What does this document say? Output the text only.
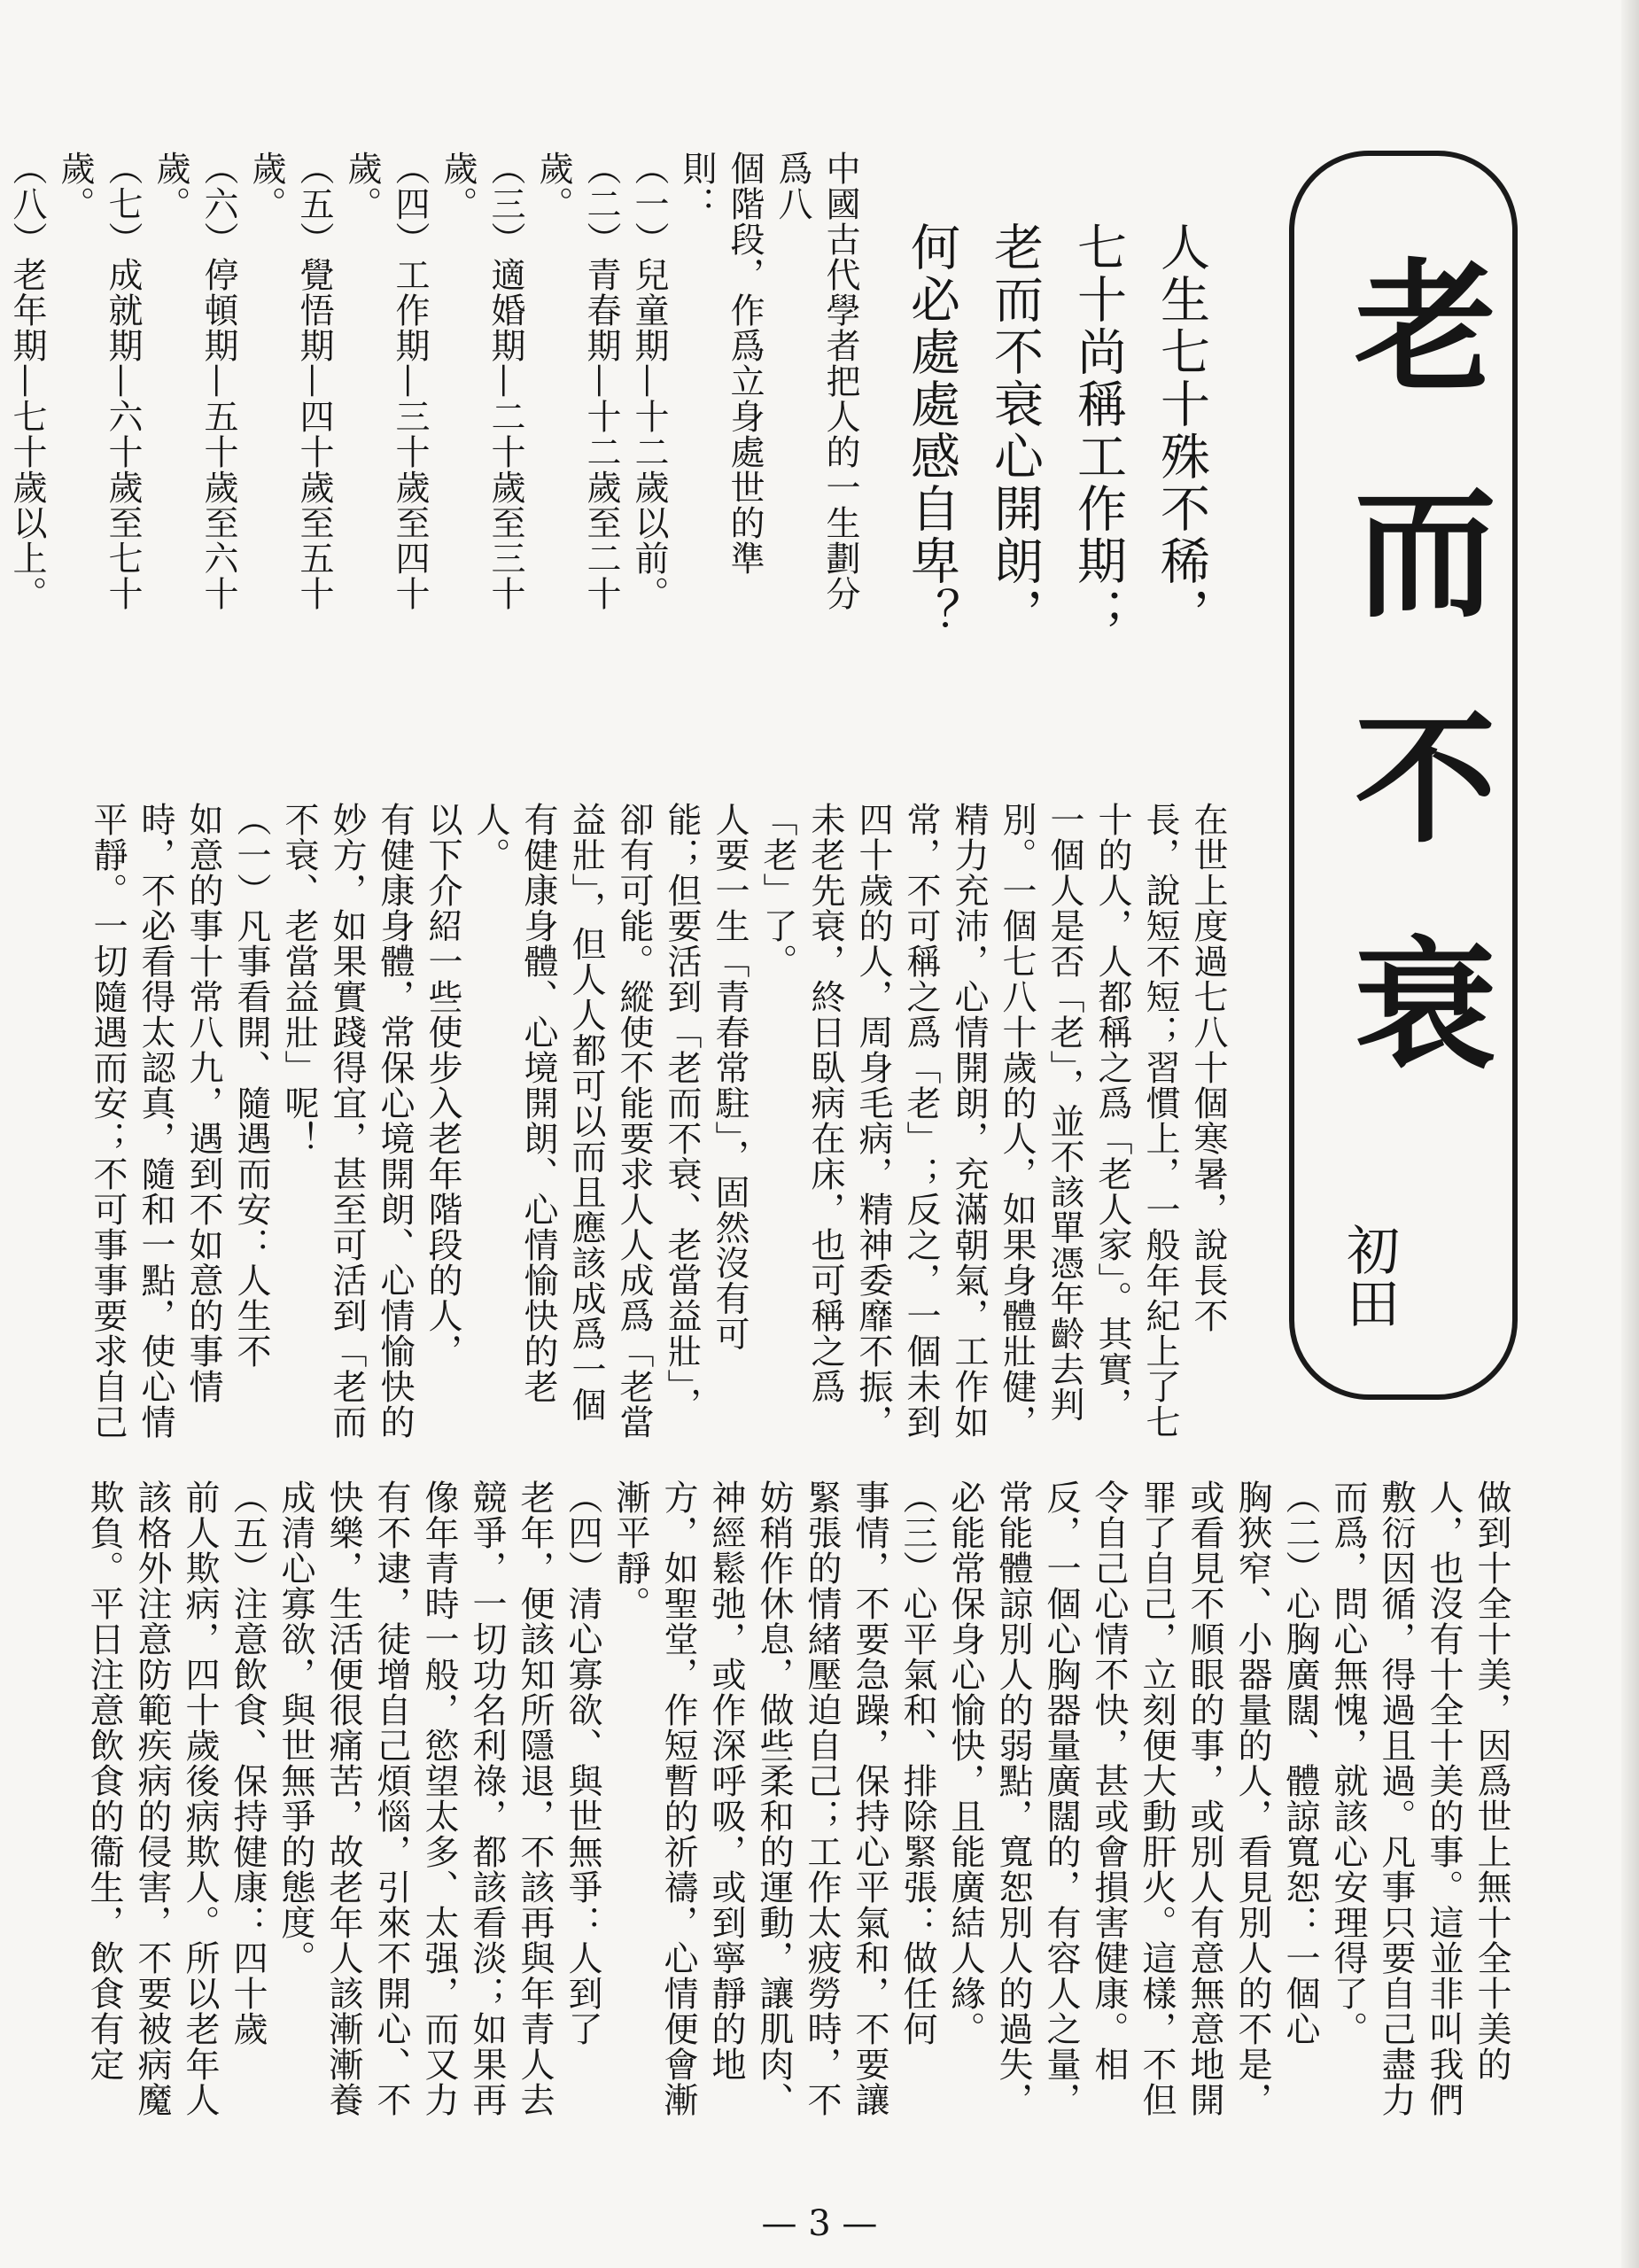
老而不衰
初田
人生七十殊不稀，
七十尚稱工作期；
老而不衰心開朗，
何必處處感自卑？
中國古代學者把人的一生劃分爲八
個階段，作爲立身處世的準則：
（一）兒童期—十二歲以前。
（二）青春期—十二歲至二十歲。
（三）適婚期—二十歲至三十歲。
（四）工作期—三十歲至四十歲。
（五）覺悟期—四十歲至五十歲。
（六）停頓期—五十歲至六十歲。
（七）成就期—六十歲至七十歲。
（八）老年期—七十歲以上。

在世上度過七八十個寒暑，說長不
長，說短不短；習慣上，一般年紀上了七
十的人，人都稱之爲「老人家」。其實，
一個人是否「老」，並不該單憑年齡去判
別。一個七八十歲的人，如果身體壯健，
精力充沛，心情開朗，充滿朝氣，工作如
常，不可稱之爲「老」；反之，一個未到
四十歲的人，周身毛病，精神委靡不振，
未老先衰，終日臥病在床，也可稱之爲
「老」了。
人要一生「青春常駐」，固然沒有可
能；但要活到「老而不衰、老當益壯」，
卻有可能。縱使不能要求人人成爲「老當
益壯」，但人人都可以而且應該成爲一個
有健康身體、心境開朗、心情愉快的老
人。
以下介紹一些使步入老年階段的人，
有健康身體，常保心境開朗、心情愉快的
妙方，如果實踐得宜，甚至可活到「老而
不衰、老當益壯」呢！
（一）凡事看開、隨遇而安：人生不
如意的事十常八九，遇到不如意的事情
時，不必看得太認真，隨和一點，使心情
平靜。一切隨遇而安；不可事事要求自己
做到十全十美，因爲世上無十全十美的
人，也沒有十全十美的事。這並非叫我們
敷衍因循，得過且過。凡事只要自己盡力
而爲，問心無愧，就該心安理得了。
（二）心胸廣闊、體諒寬恕：一個心
胸狹窄、小器量的人，看見別人的不是，
或看見不順眼的事，或別人有意無意地開
罪了自己，立刻便大動肝火。這樣，不但
令自己心情不快，甚或會損害健康。相
反，一個心胸器量廣闊的，有容人之量，
常能體諒別人的弱點，寬恕別人的過失，
必能常保身心愉快，且能廣結人緣。
（三）心平氣和、排除緊張：做任何
事情，不要急躁，保持心平氣和，不要讓
緊張的情緒壓迫自己；工作太疲勞時，不
妨稍作休息，做些柔和的運動，讓肌肉、
神經鬆弛，或作深呼吸，或到寧靜的地
方，如聖堂，作短暫的祈禱，心情便會漸
漸平靜。
（四）清心寡欲、與世無爭：人到了
老年，便該知所隱退，不該再與年青人去
競爭，一切功名利祿，都該看淡；如果再
像年青時一般，慾望太多、太强，而又力
有不逮，徒增自己煩惱，引來不開心、不
快樂，生活便很痛苦，故老年人該漸漸養
成清心寡欲，與世無爭的態度。
（五）注意飲食、保持健康：四十歲
前人欺病，四十歲後病欺人。所以老年人
該格外注意防範疾病的侵害，不要被病魔
欺負。平日注意飲食的衞生，飲食有定
— 3 —
